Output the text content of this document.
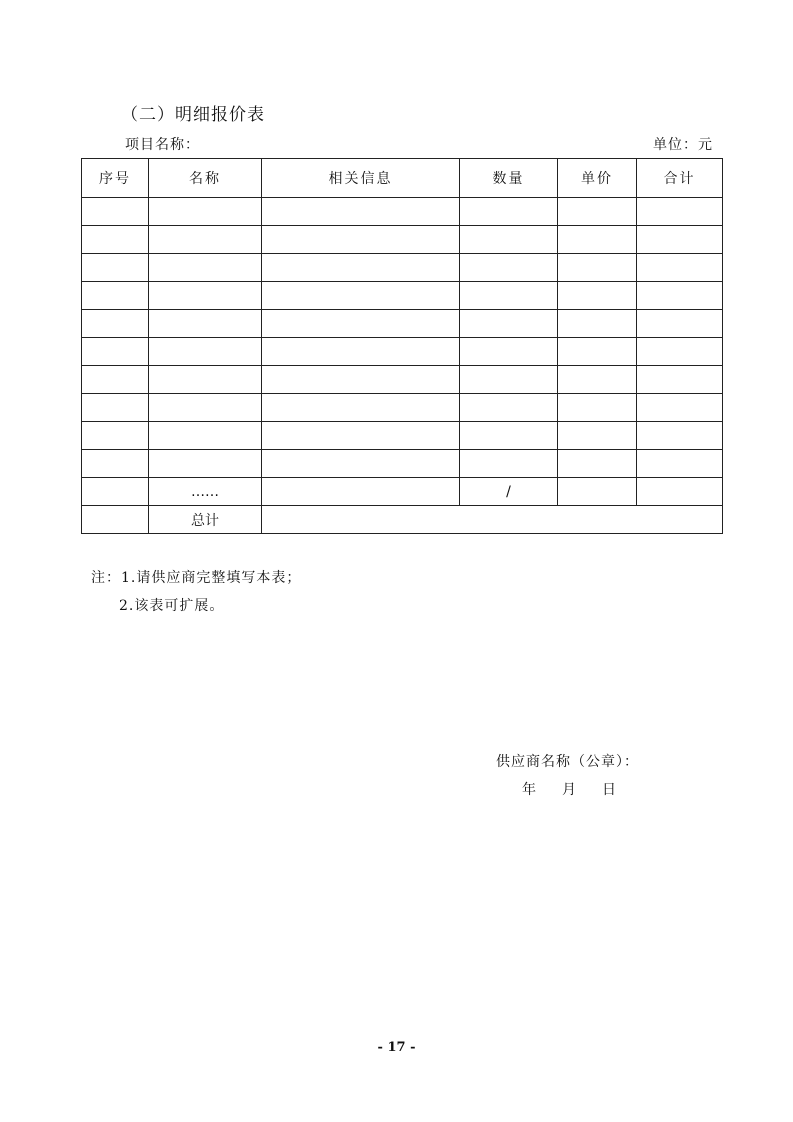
（二）明细报价表
项目名称：	单位：元
序号	名称	相关信息	数量	单价	合计

	……		/		
	总计				
注：1.请供应商完整填写本表；
2.该表可扩展。
供应商名称（公章）：
年 月 日
- 17 -
